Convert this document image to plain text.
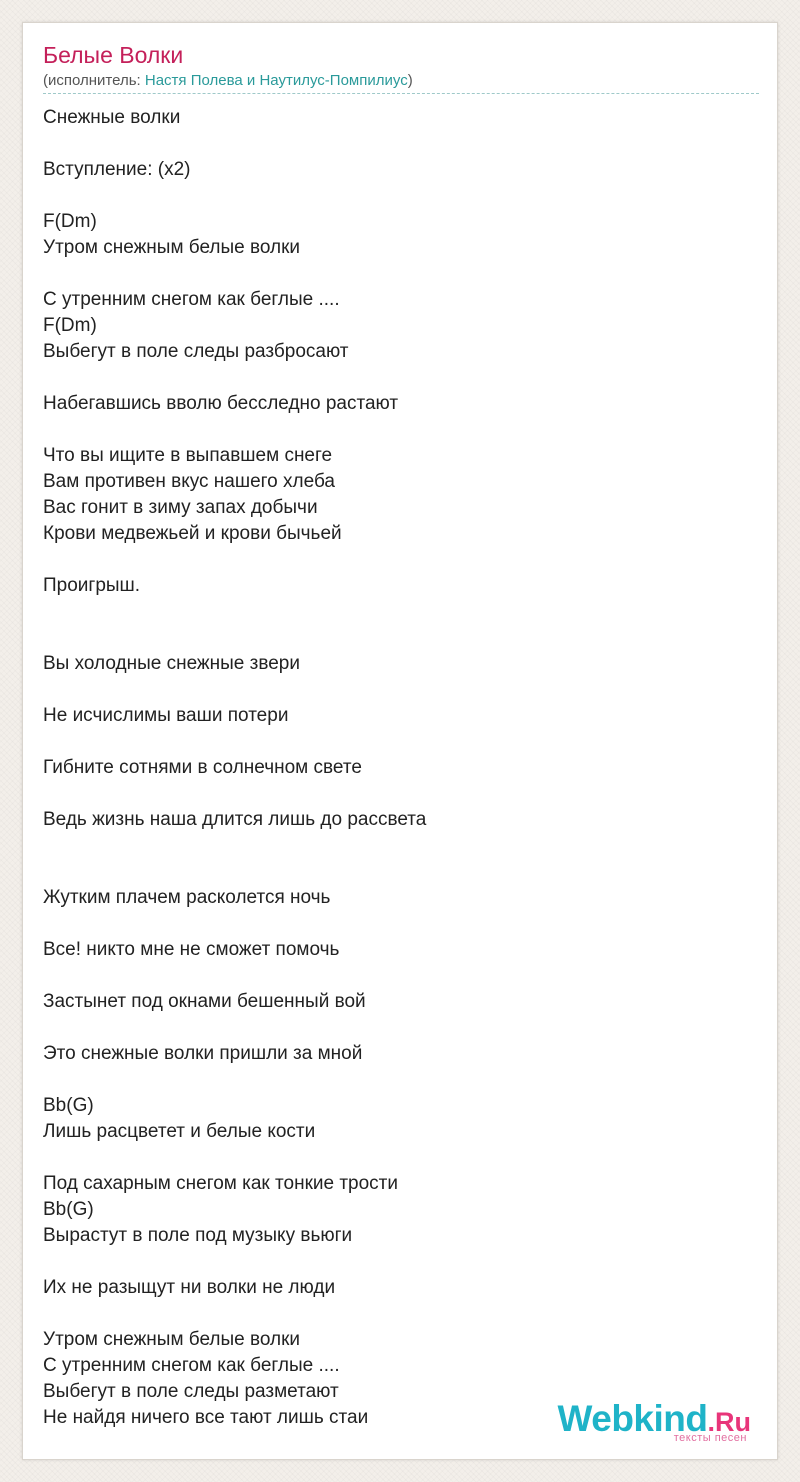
Белые Волки
(исполнитель: Настя Полева и Наутилус-Помпилиус)
Снежные волки
Вступление: (x2)
F(Dm)
Утром снежным белые волки
С утренним снегом как беглые ....
F(Dm)
Выбегут в поле следы разбросают
Набегавшись вволю бесследно растают
Что вы ищите в выпавшем снеге
Вам противен вкус нашего хлеба
Вас гонит в зиму запах добычи
Крови медвежьей и крови бычьей
Проигрыш.
Вы холодные снежные звери
Не исчислимы ваши потери
Гибните сотнями в солнечном свете
Ведь жизнь наша длится лишь до рассвета
Жутким плачем расколется ночь
Все! никто мне не сможет помочь
Застынет под окнами бешенный вой
Это снежные волки пришли за мной
Bb(G)
Лишь расцветет и белые кости
Под сахарным снегом как тонкие трости
Bb(G)
Вырастут в поле под музыку вьюги
Их не разыщут ни волки не люди
Утром снежным белые волки
С утренним снегом как беглые ....
Выбегут в поле следы разметают
Не найдя ничего все тают лишь стаи	Webkind.Ru
тексты песен
